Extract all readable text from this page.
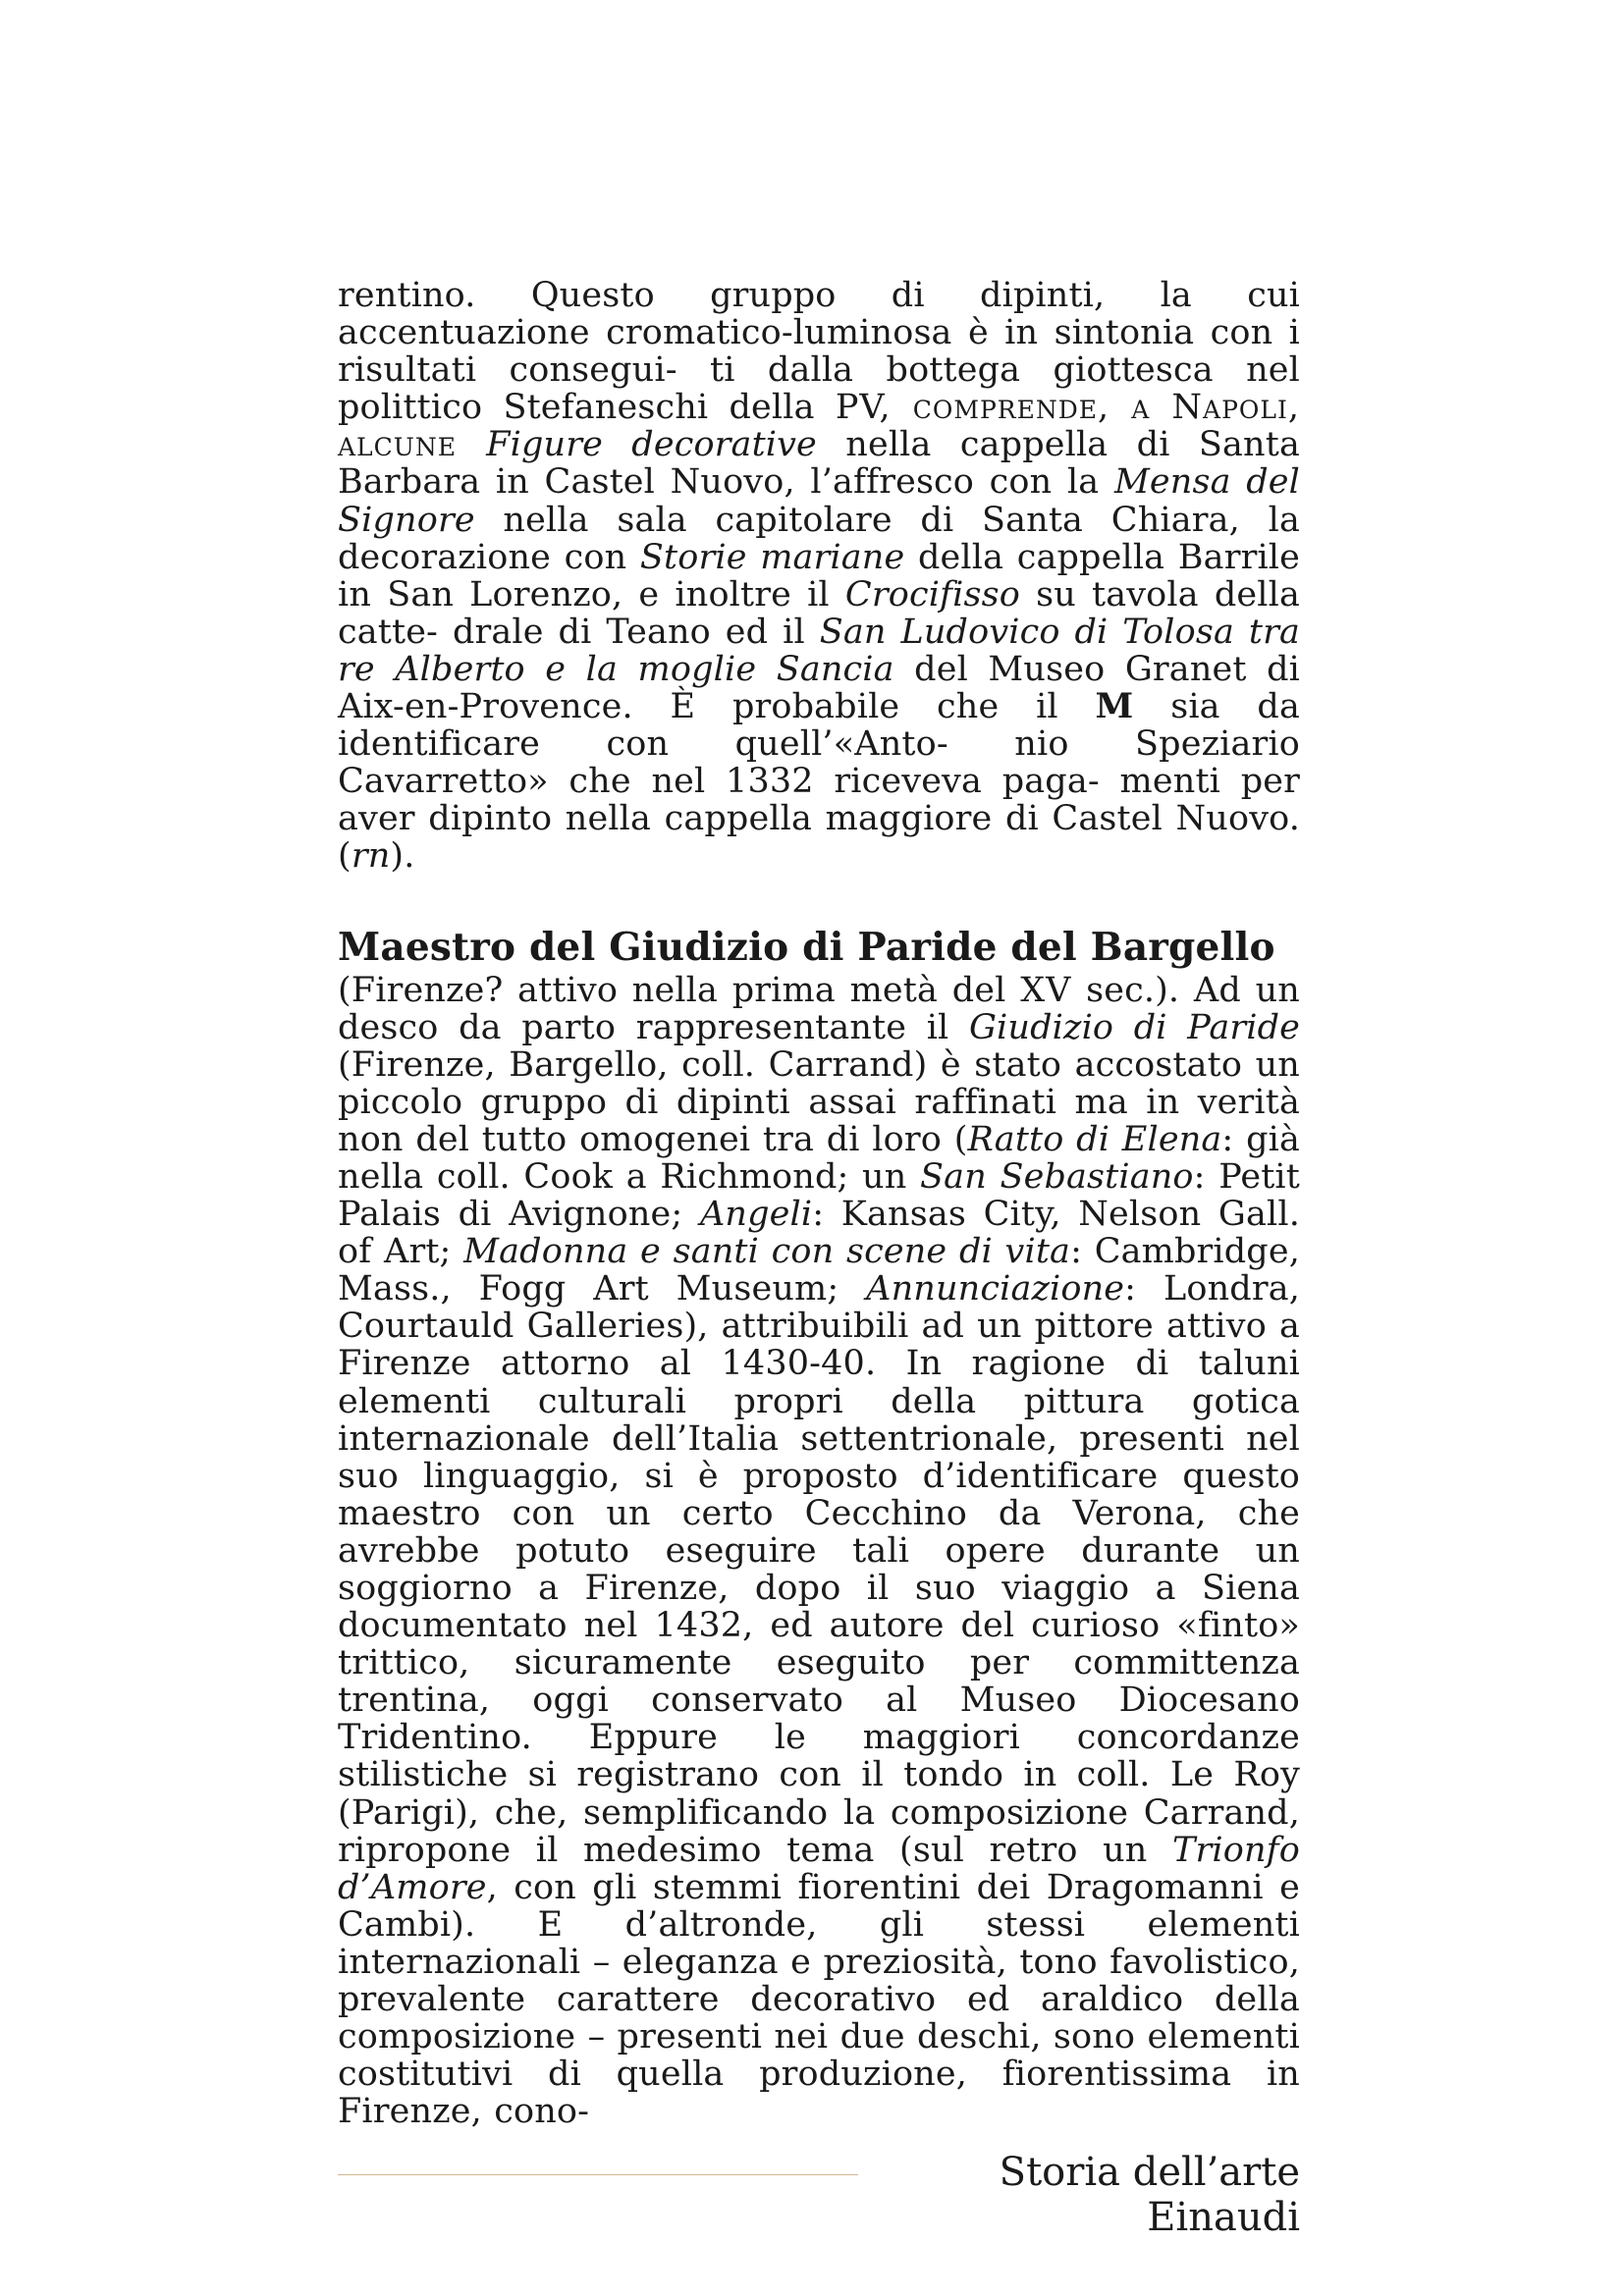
rentino. Questo gruppo di dipinti, la cui accentuazione cromatico-luminosa è in sintonia con i risultati consegui- ti dalla bottega giottesca nel polittico Stefaneschi della PV, comprende, a Napoli, alcune Figure decorative nella cappella di Santa Barbara in Castel Nuovo, l’affresco con la Mensa del Signore nella sala capitolare di Santa Chiara, la decorazione con Storie mariane della cappella Barrile in San Lorenzo, e inoltre il Crocifisso su tavola della catte- drale di Teano ed il San Ludovico di Tolosa tra re Alberto e la moglie Sancia del Museo Granet di Aix-en-Provence. È probabile che il M sia da identificare con quell’«Anto- nio Speziario Cavarretto» che nel 1332 riceveva paga- menti per aver dipinto nella cappella maggiore di Castel Nuovo. (rn).

Maestro del Giudizio di Paride del Bargello

(Firenze? attivo nella prima metà del XV sec.). Ad un desco da parto rappresentante il Giudizio di Paride (Firenze, Bargello, coll. Carrand) è stato accostato un piccolo gruppo di dipinti assai raffinati ma in verità non del tutto omogenei tra di loro (Ratto di Elena: già nella coll. Cook a Richmond; un San Sebastiano: Petit Palais di Avignone; Angeli: Kansas City, Nelson Gall. of Art; Madonna e santi con scene di vita: Cambridge, Mass., Fogg Art Museum; Annunciazione: Londra, Courtauld Galleries), attribuibili ad un pittore attivo a Firenze attorno al 1430-40. In ragione di taluni elementi culturali propri della pittura gotica internazionale dell’Italia settentrionale, presenti nel suo linguaggio, si è proposto d’identificare questo maestro con un certo Cecchino da Verona, che avrebbe potuto eseguire tali opere durante un soggiorno a Firenze, dopo il suo viaggio a Siena documentato nel 1432, ed autore del curioso «finto» trittico, sicuramente eseguito per committenza trentina, oggi conservato al Museo Diocesano Tridentino. Eppure le maggiori concordanze stilistiche si registrano con il tondo in coll. Le Roy (Parigi), che, semplificando la composizione Carrand, ripropone il medesimo tema (sul retro un Trionfo d’Amore, con gli stemmi fiorentini dei Dragomanni e Cambi). E d’altronde, gli stessi elementi internazionali – eleganza e preziosità, tono favolistico, prevalente carattere decorativo ed araldico della composizione – presenti nei due deschi, sono elementi costitutivi di quella produzione, fiorentissima in Firenze, cono-

Storia dell’arte Einaudi
